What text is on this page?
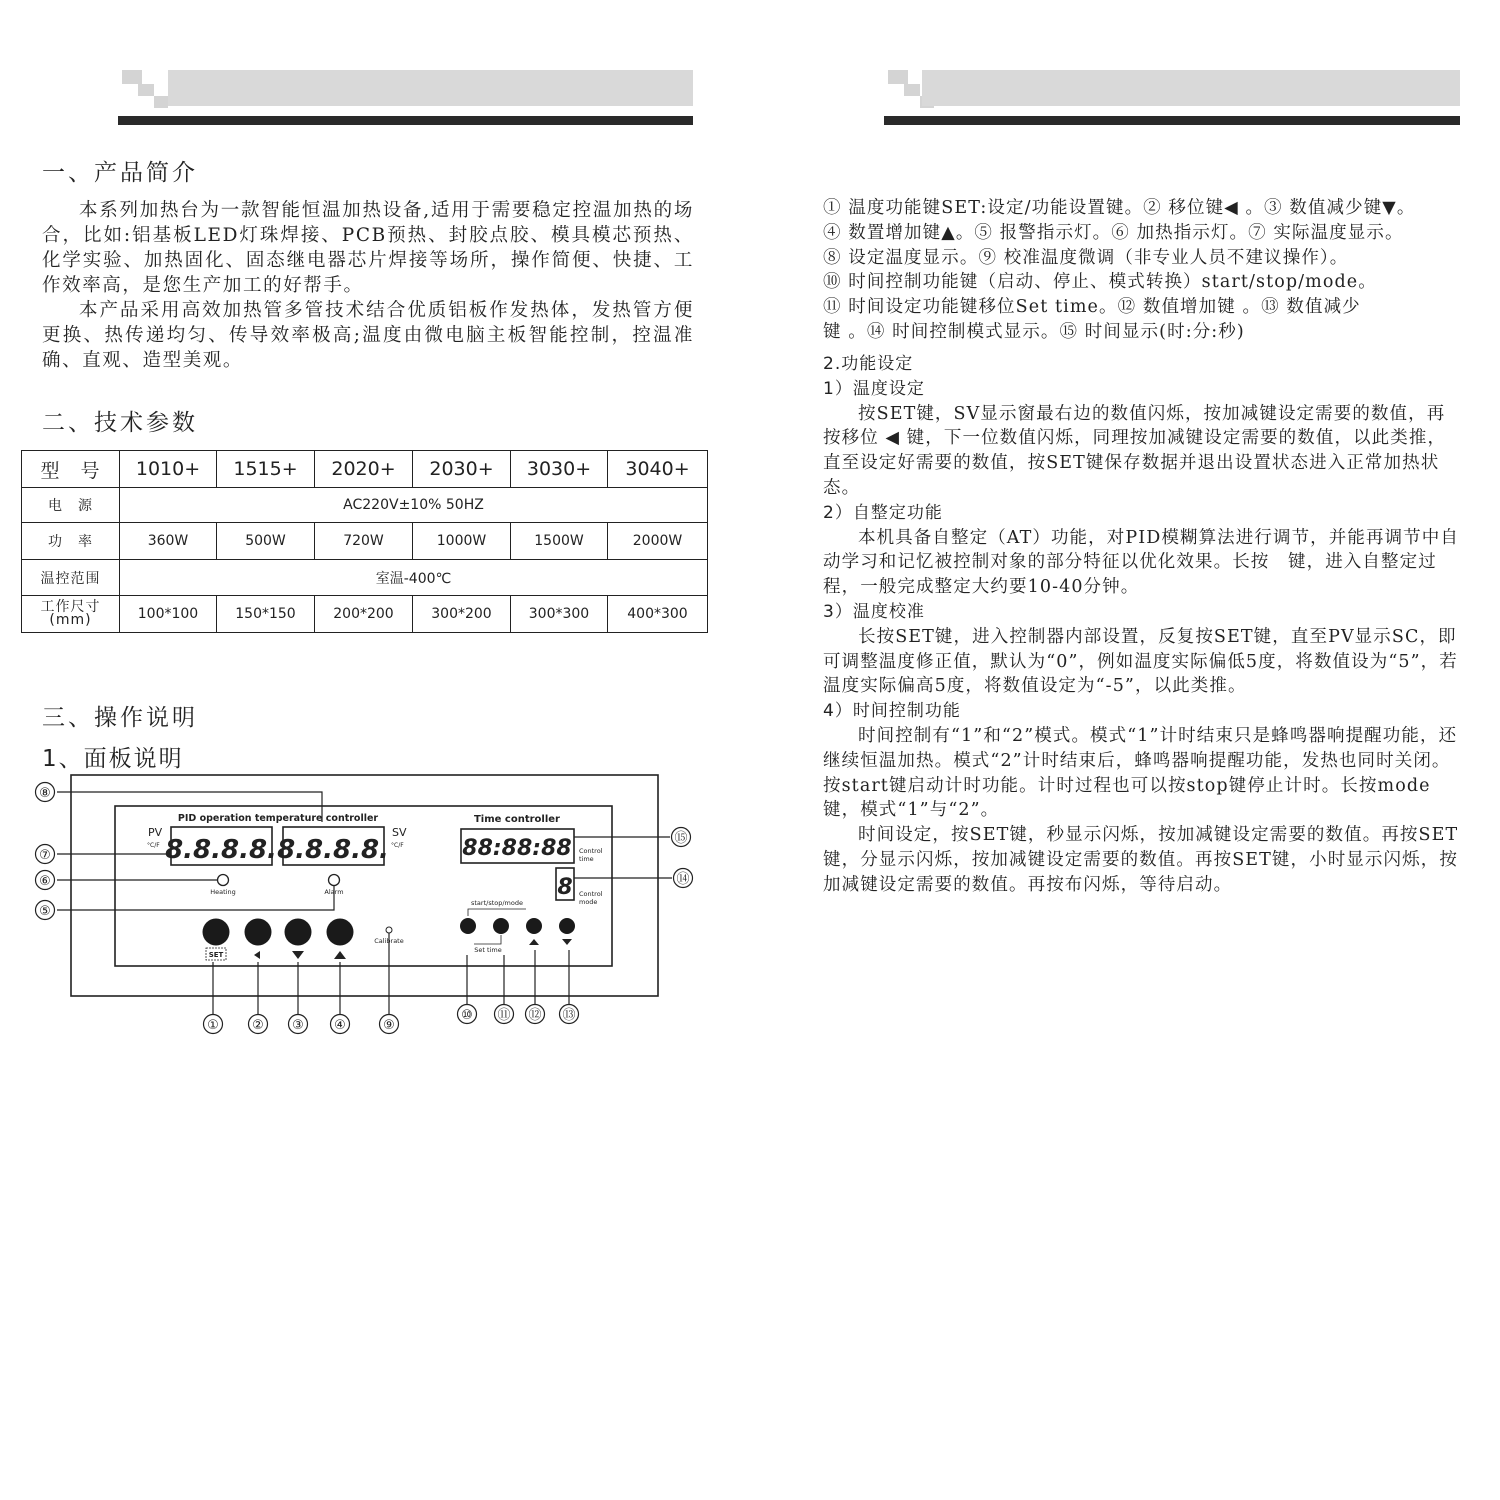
一、产品简介

本系列加热台为一款智能恒温加热设备,适用于需要稳定控温加热的场合，比如:铝基板LED灯珠焊接、PCB预热、封胶点胶、模具模芯预热、化学实验、加热固化、固态继电器芯片焊接等场所，操作简便、快捷、工作效率高，是您生产加工的好帮手。

本产品采用高效加热管多管技术结合优质铝板作发热体，发热管方便更换、热传递均匀、传导效率极高;温度由微电脑主板智能控制，控温准确、直观、造型美观。

二、技术参数
型　号	1010+	1515+	2020+	2030+	3030+	3040+
电　源	AC220V±10% 50HZ					
功　率	360W	500W	720W	1000W	1500W	2000W
温控范围	室温-400℃					

工作尺寸
(mm)	100*100	150*150	200*200	300*200	300*300	400*300
三、操作说明
1、面板说明
PID operation temperature controller	Time controller
PV
°C/F
SV
°C/F
8.8.8.8. 8.8.8.8.	88:88:88 Control
time
8 Control
mode
Heating	Alarm
SET
Calibrate
start/stop/mode
Set time
⑧
⑦
⑥
⑤
⑮
⑭
①	② ③ ④	⑨
⑩ ⑪ ⑫ ⑬
① 温度功能键SET:设定/功能设置键。② 移位键◀ 。③ 数值减少键▼。
④ 数置增加键▲。⑤ 报警指示灯。⑥ 加热指示灯。⑦ 实际温度显示。
⑧ 设定温度显示。⑨ 校准温度微调（非专业人员不建议操作）。
⑩ 时间控制功能键（启动、停止、模式转换）start/stop/mode。
⑪ 时间设定功能键移位Set time。⑫ 数值增加键 。⑬ 数值减少
键 。⑭ 时间控制模式显示。⑮ 时间显示(时:分:秒)
2.功能设定
1）温度设定
按SET键，SV显示窗最右边的数值闪烁，按加减键设定需要的数值，再按移位 ◀ 键，下一位数值闪烁，同理按加减键设定需要的数值，以此类推，直至设定好需要的数值，按SET键保存数据并退出设置状态进入正常加热状态。
2）自整定功能
本机具备自整定（AT）功能，对PID模糊算法进行调节，并能再调节中自动学习和记忆被控制对象的部分特征以优化效果。长按　键，进入自整定过程，一般完成整定大约要10-40分钟。
3）温度校准
长按SET键，进入控制器内部设置，反复按SET键，直至PV显示SC，即可调整温度修正值，默认为“0”，例如温度实际偏低5度，将数值设为“5”，若温度实际偏高5度，将数值设定为“-5”，以此类推。
4）时间控制功能
时间控制有“1”和“2”模式。模式“1”计时结束只是蜂鸣器响提醒功能，还继续恒温加热。模式“2”计时结束后，蜂鸣器响提醒功能，发热也同时关闭。按start键启动计时功能。计时过程也可以按stop键停止计时。长按mode键，模式“1”与“2”。
时间设定，按SET键，秒显示闪烁，按加减键设定需要的数值。再按SET键，分显示闪烁，按加减键设定需要的数值。再按SET键，小时显示闪烁，按加减键设定需要的数值。再按布闪烁，等待启动。
